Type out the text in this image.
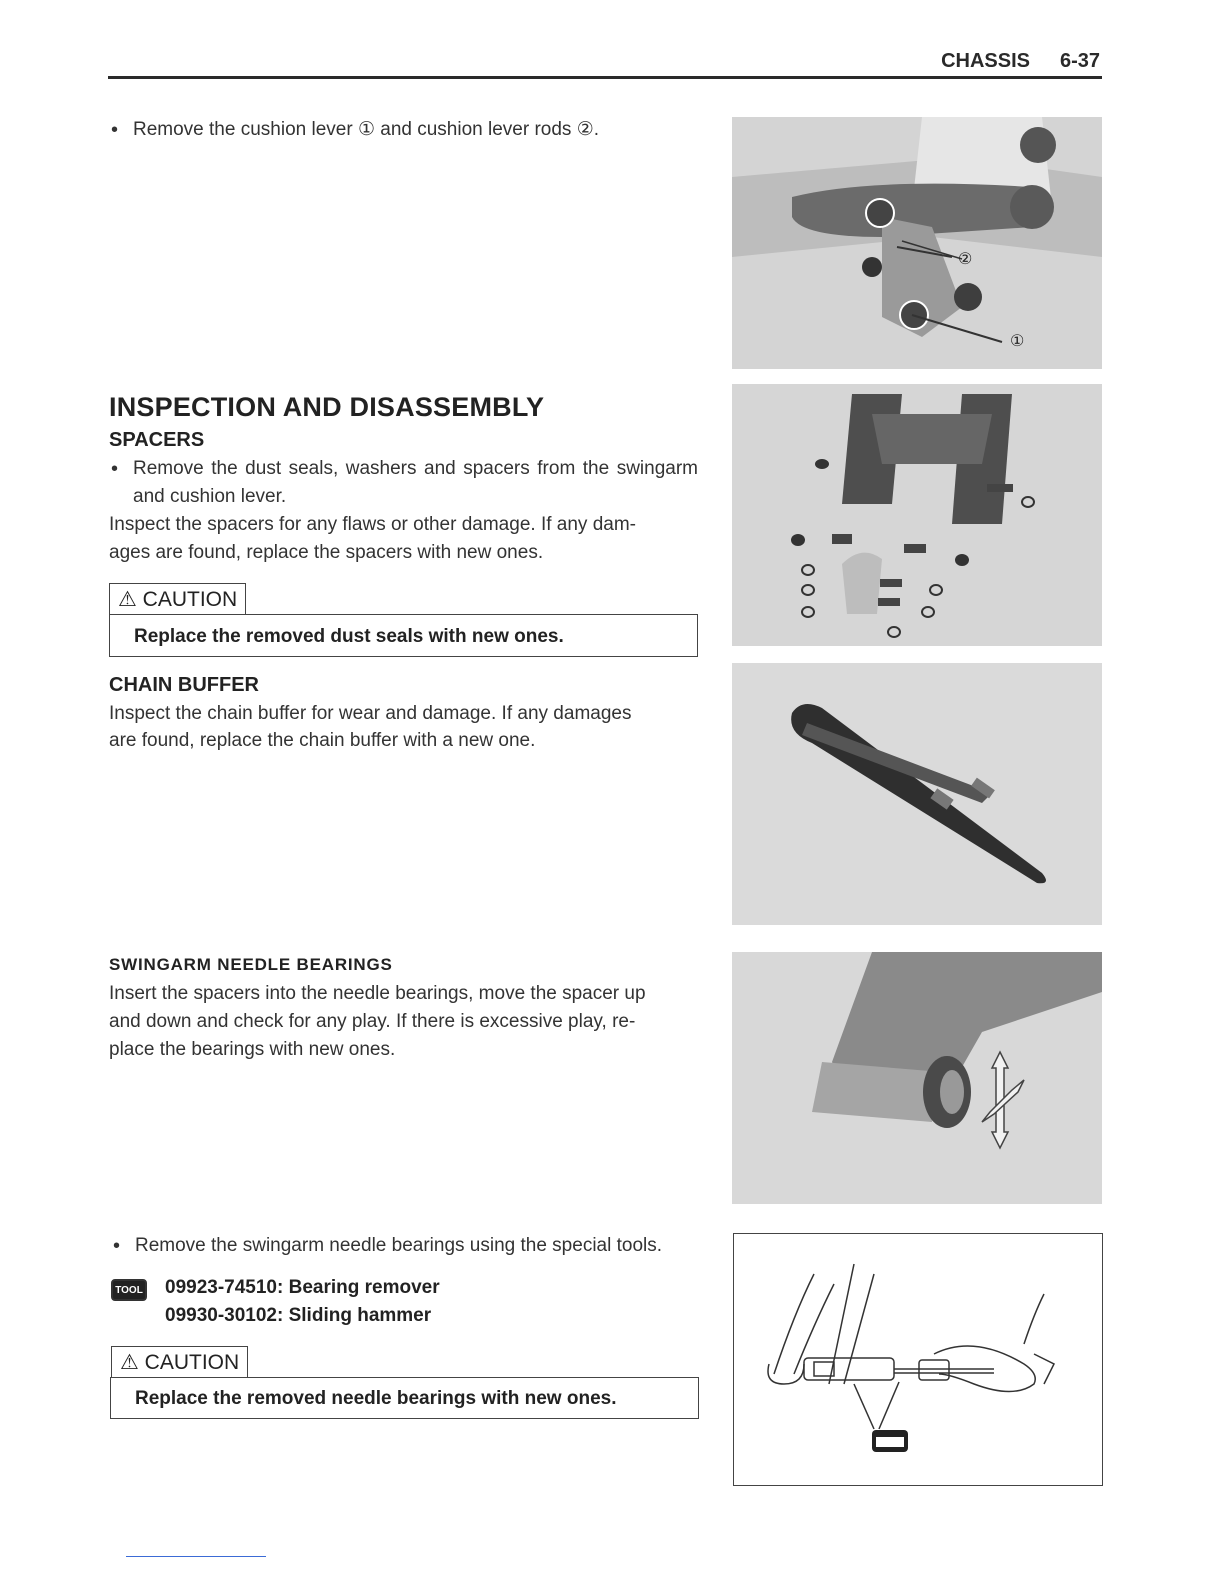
CHASSIS 6-37
• Remove the cushion lever ① and cushion lever rods ②.
②
①
INSPECTION AND DISASSEMBLY
SPACERS
• Remove the dust seals, washers and spacers from the swingarm and cushion lever.
Inspect the spacers for any flaws or other damage. If any dam-
ages are found, replace the spacers with new ones.
⚠ CAUTION
Replace the removed dust seals with new ones.
CHAIN BUFFER
Inspect the chain buffer for wear and damage. If any damages
are found, replace the chain buffer with a new one.
SWINGARM NEEDLE BEARINGS
Insert the spacers into the needle bearings, move the spacer up
and down and check for any play. If there is excessive play, re-
place the bearings with new ones.
• Remove the swingarm needle bearings using the special tools.
TOOL 09923-74510: Bearing remover
09930-30102: Sliding hammer
⚠ CAUTION
Replace the removed needle bearings with new ones.
